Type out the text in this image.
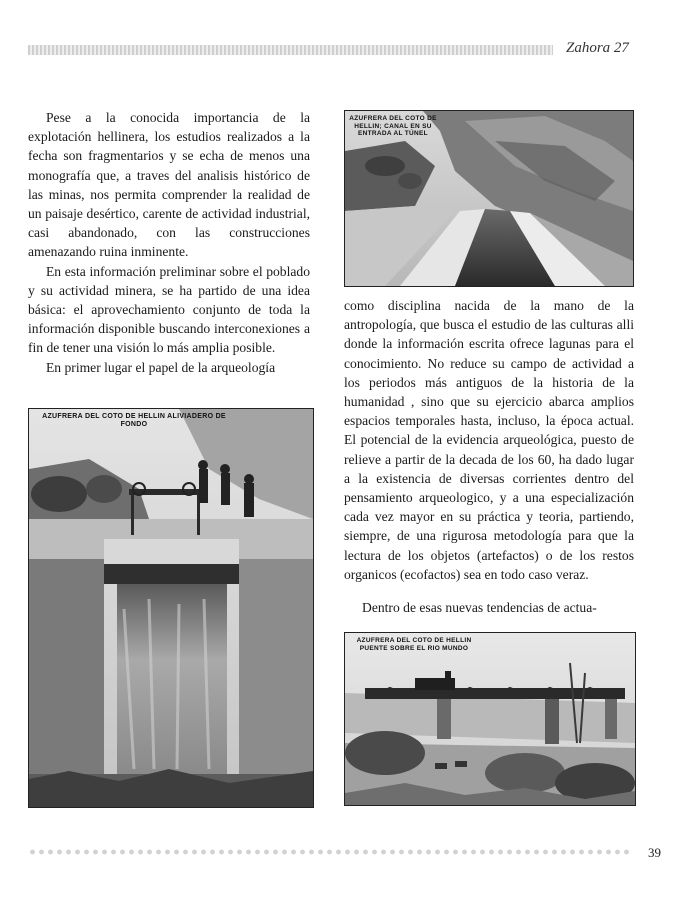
Zahora 27
AZUFRERA DEL COTO DE HELLIN; CANAL EN SU ENTRADA AL TÚNEL

Pese a la conocida importancia de la explotación hellinera, los estudios realizados a la fecha son fragmentarios y se echa de menos una monografía que, a traves del analisis histórico de las minas, nos permita comprender la realidad de un paisaje desértico, carente de actividad industrial, casi abandonado, con las construcciones amenazando ruina inminente.

En esta información preliminar sobre el poblado y su actividad minera, se ha partido de una idea básica: el aprovechamiento conjunto de toda la información disponible buscando interconexiones a fin de tener una visión lo más amplia posible.

En primer lugar el papel de la arqueología

AZUFRERA DEL COTO DE HELLIN ALIVIADERO DE FONDO

como disciplina nacida de la mano de la antropología, que busca el estudio de las culturas alli donde la información escrita ofrece lagunas para el conocimiento. No reduce su campo de actividad a los periodos más antiguos de la historia de la humanidad , sino que su ejercicio abarca amplios espacios temporales hasta, incluso, la época actual. El potencial de la evidencia arqueológica, puesto de relieve a partir de la decada de los 60, ha dado lugar a la existencia de diversas corrientes dentro del pensamiento arqueologico, y a una especialización cada vez mayor en su práctica y teoria, partiendo, siempre, de una rigurosa metodología para que la lectura de los objetos (artefactos) o de los restos organicos (ecofactos) sea en todo caso veraz.

Dentro de esas nuevas tendencias de actua-

AZUFRERA DEL COTO DE HELLIN PUENTE SOBRE EL RIO MUNDO
39
